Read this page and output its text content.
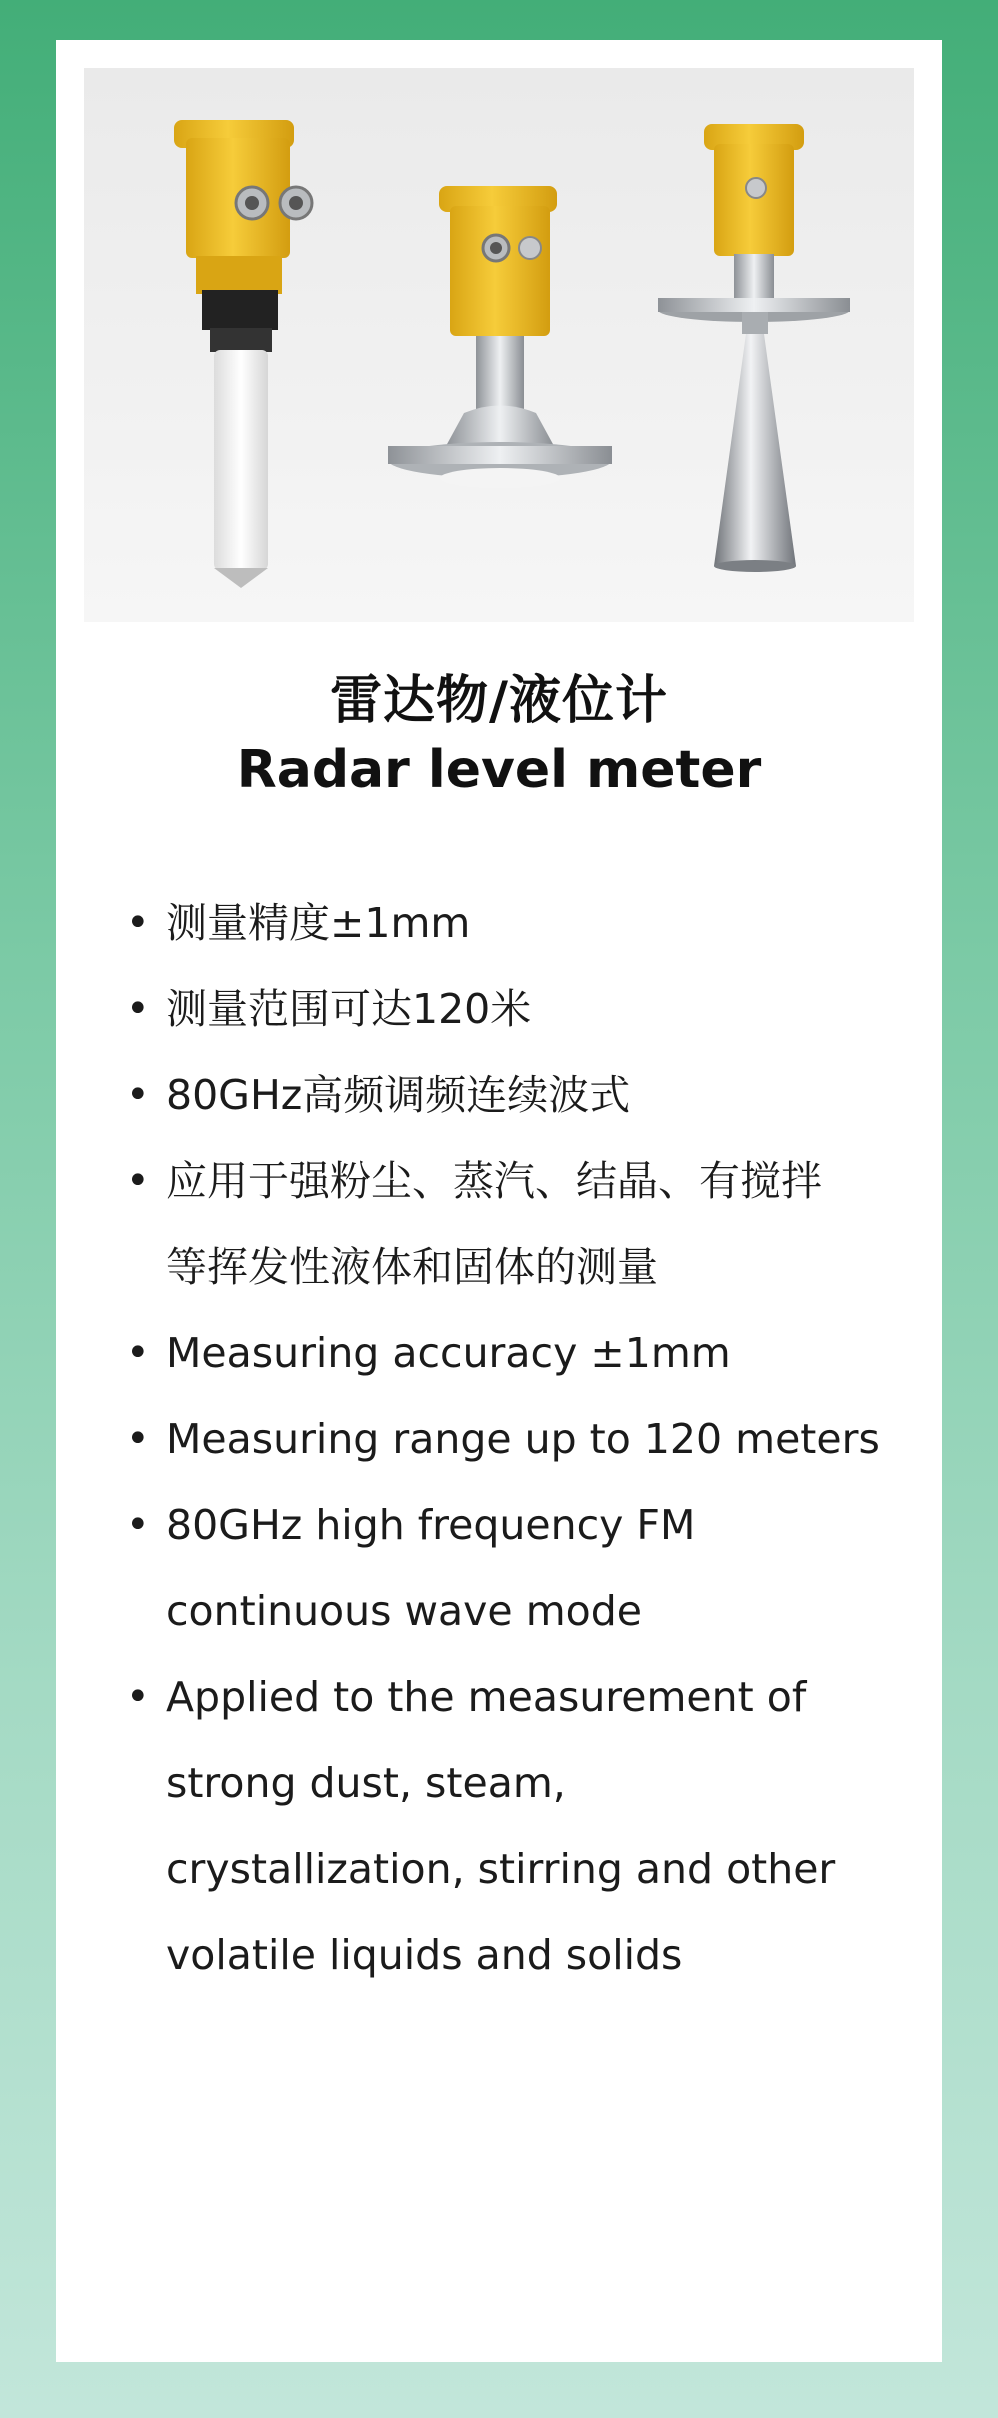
雷达物/液位计
Radar level meter
• 测量精度±1mm
• 测量范围可达120米
• 80GHz高频调频连续波式
• 应用于强粉尘、蒸汽、结晶、有搅拌
等挥发性液体和固体的测量
• Measuring accuracy ±1mm
• Measuring range up to 120 meters
• 80GHz high frequency FM
continuous wave mode
• Applied to the measurement of
strong dust, steam,
crystallization, stirring and other
volatile liquids and solids
